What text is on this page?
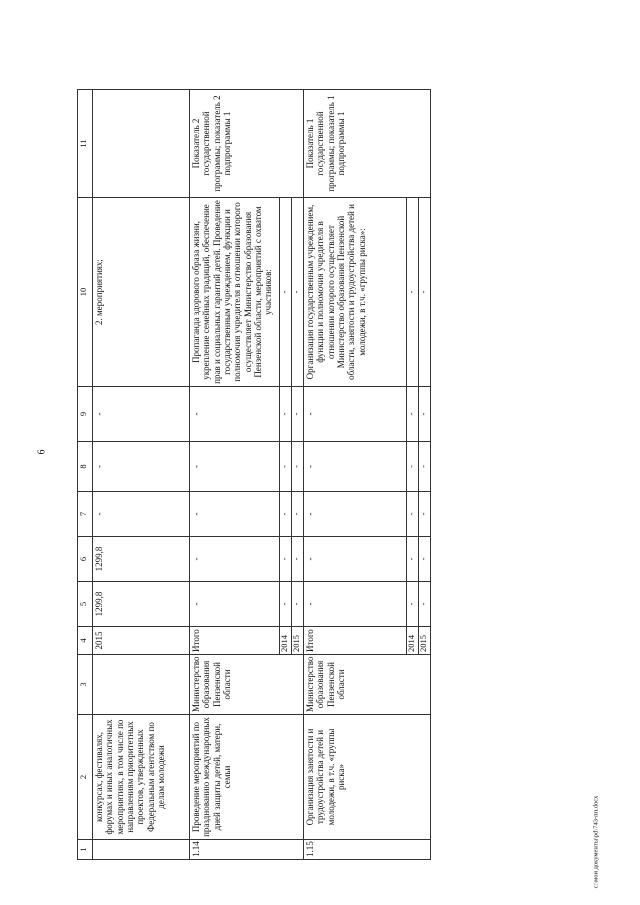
6
1	2	3	4	5	6	7	8	9	10	11
	конкурсах, фестивалях, форумах и иных аналогичных мероприятиях, в том числе по направлениям приоритетных проектов, утвержденных Федеральным агентством по делам молодежи		2015	1299,8	1299,8	-	-	-	2. мероприятиях;	
1.14	Проведение мероприятий по празднованию международных дней защиты детей, матери, семьи	Министерство образования Пензенской области	Итого	-	-	-	-	-	Пропаганда здорового образа жизни, укрепление семейных традиций, обеспечение прав и социальных гарантий детей. Проведение государственным учреждением, функции и полномочия учредителя в отношении которого осуществляет Министерство образования Пензенской области, мероприятий с охватом участников:	Показатель 2 государственной программы; показатель 2 подпрограммы 1
			2014	-	-	-	-	-	-	
			2015	-	-	-	-	-	-	
1.15	Организация занятости и трудоустройства детей и молодежи, в т.ч. «группы риска»	Министерство образования Пензенской области	Итого	-	-	-	-	-	Организация государственным учреждением, функции и полномочия учредителя в отношении которого осуществляет Министерство образования Пензенской области, занятости и трудоустройства детей и молодежи, в т.ч. «группы риска»:	Показатель 1 государственной программы; показатель 1 подпрограммы 1
			2014	-	-	-	-	-	-	
			2015	-	-	-	-	-	-	
c:\мои документы\pd\743-пп.docx
